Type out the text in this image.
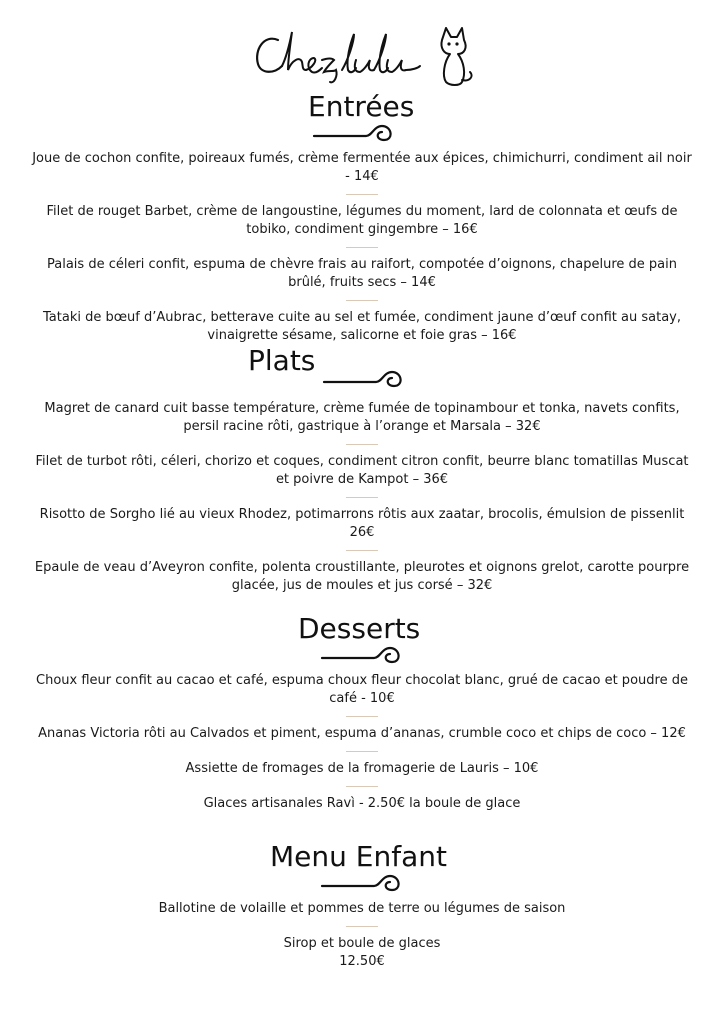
Entrées
Joue de cochon confite, poireaux fumés, crème fermentée aux épices, chimichurri, condiment ail noir - 14€
Filet de rouget Barbet, crème de langoustine, légumes du moment, lard de colonnata et œufs de tobiko, condiment gingembre – 16€
Palais de céleri confit, espuma de chèvre frais au raifort, compotée d’oignons, chapelure de pain brûlé, fruits secs – 14€
Tataki de bœuf d’Aubrac, betterave cuite au sel et fumée, condiment jaune d’œuf confit au satay, vinaigrette sésame, salicorne et foie gras – 16€
Plats
Magret de canard cuit basse température, crème fumée de topinambour et tonka, navets confits, persil racine rôti, gastrique à l’orange et Marsala – 32€
Filet de turbot rôti, céleri, chorizo et coques, condiment citron confit, beurre blanc tomatillas Muscat et poivre de Kampot – 36€
Risotto de Sorgho lié au vieux Rhodez, potimarrons rôtis aux zaatar, brocolis, émulsion de pissenlit
26€
Epaule de veau d’Aveyron confite, polenta croustillante, pleurotes et oignons grelot, carotte pourpre glacée, jus de moules et jus corsé – 32€
Desserts
Choux fleur confit au cacao et café, espuma choux fleur chocolat blanc, grué de cacao et poudre de café - 10€
Ananas Victoria rôti au Calvados et piment, espuma d’ananas, crumble coco et chips de coco – 12€
Assiette de fromages de la fromagerie de Lauris – 10€
Glaces artisanales Ravì - 2.50€ la boule de glace
Menu Enfant
Ballotine de volaille et pommes de terre ou légumes de saison
Sirop et boule de glaces
12.50€
